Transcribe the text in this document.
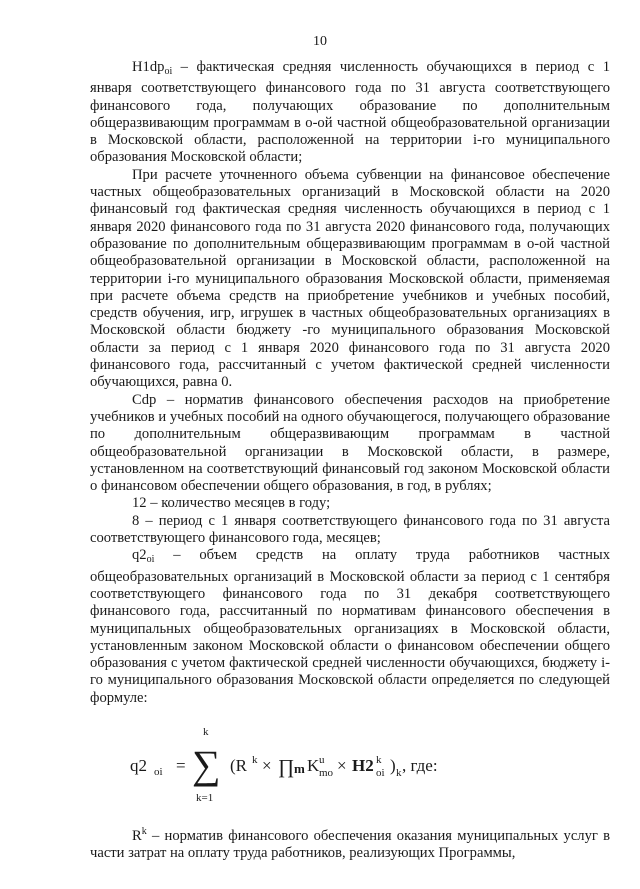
10

$H1dp_{oi}$ – фактическая средняя численность обучающихся в период с 1 января соответствующего финансового года по 31 августа соответствующего финансового года, получающих образование по дополнительным общеразвивающим программам в о-ой частной общеобразовательной организации в Московской области, расположенной на территории i-го муниципального образования Московской области;

При расчете уточненного объема субвенции на финансовое обеспечение частных общеобразовательных организаций в Московской области на 2020 финансовый год фактическая средняя численность обучающихся в период с 1 января 2020 финансового года по 31 августа 2020 финансового года, получающих образование по дополнительным общеразвивающим программам в о-ой частной общеобразовательной организации в Московской области, расположенной на территории i-го муниципального образования Московской области, применяемая при расчете объема средств на приобретение учебников и учебных пособий, средств обучения, игр, игрушек в частных общеобразовательных организациях в Московской области бюджету -го муниципального образования Московской области за период с 1 января 2020 финансового года по 31 августа 2020 финансового года, рассчитанный с учетом фактической средней численности обучающихся, равна 0.

Cdp – норматив финансового обеспечения расходов на приобретение учебников и учебных пособий на одного обучающегося, получающего образование по дополнительным общеразвивающим программам в частной общеобразовательной организации в Московской области, в размере, установленном на соответствующий финансовый год законом Московской области о финансовом обеспечении общего образования, в год, в рублях;

12 – количество месяцев в году;

8 – период с 1 января соответствующего финансового года по 31 августа соответствующего финансового года, месяцев;

$q2_{oi}$ – объем средств на оплату труда работников частных общеобразовательных организаций в Московской области за период с 1 сентября соответствующего финансового года по 31 декабря соответствующего финансового года, рассчитанный по нормативам финансового обеспечения в муниципальных общеобразовательных организациях в Московской области, установленным законом Московской области о финансовом обеспечении общего образования с учетом фактической средней численности обучающихся, бюджету i-го муниципального образования Московской области определяется по следующей формуле:

q2 oi =
k
∑
k=1
(R k × ∏ m K u
mo × H2 k
oi ) k , где:

$R^k$ – норматив финансового обеспечения оказания муниципальных услуг в части затрат на оплату труда работников, реализующих Программы,
